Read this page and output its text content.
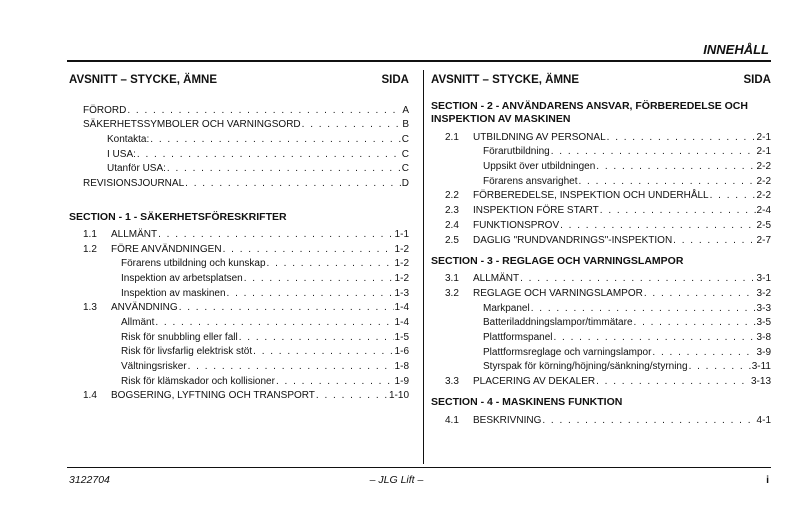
INNEHÅLL
AVSNITT – STYCKE, ÄMNE	SIDA
FÖRORD . . .	A
SÄKERHETSSYMBOLER OCH VARNINGSORD . . .	B
Kontakta: . . .	C
I USA: . . .	C
Utanför USA: . . .	C
REVISIONSJOURNAL . . .	D
SECTION - 1 - SÄKERHETSFÖRESKRIFTER
1.1	ALLMÄNT . . .	1-1
1.2	FÖRE ANVÄNDNINGEN . . .	1-2
Förarens utbildning och kunskap . . .	1-2
Inspektion av arbetsplatsen . . .	1-2
Inspektion av maskinen . . .	1-3
1.3	ANVÄNDNING . . .	1-4
Allmänt . . .	1-4
Risk för snubbling eller fall . . .	1-5
Risk för livsfarlig elektrisk stöt . . .	1-6
Vältningsrisker . . .	1-8
Risk för klämskador och kollisioner . . .	1-9
1.4	BOGSERING, LYFTNING OCH TRANSPORT . . .	1-10
AVSNITT – STYCKE, ÄMNE	SIDA
SECTION - 2 - ANVÄNDARENS ANSVAR, FÖRBEREDELSE OCH INSPEKTION AV MASKINEN
2.1	UTBILDNING AV PERSONAL . . .	2-1
Förarutbildning . . .	2-1
Uppsikt över utbildningen . . .	2-2
Förarens ansvarighet . . .	2-2
2.2	FÖRBEREDELSE, INSPEKTION OCH UNDERHÅLL . . .	2-2
2.3	INSPEKTION FÖRE START . . .	2-4
2.4	FUNKTIONSPROV . . .	2-5
2.5	DAGLIG "RUNDVANDRINGS"-INSPEKTION . . .	2-7
SECTION - 3 - REGLAGE OCH VARNINGSLAMPOR
3.1	ALLMÄNT . . .	3-1
3.2	REGLAGE OCH VARNINGSLAMPOR . . .	3-2
Markpanel . . .	3-3
Batteriladdningslampor/timmätare . . .	3-5
Plattformspanel . . .	3-8
Plattformsreglage och varningslampor . . .	3-9
Styrspak för körning/höjning/sänkning/styrning . . .	3-11
3.3	PLACERING AV DEKALER . . .	3-13
SECTION - 4 - MASKINENS FUNKTION
4.1	BESKRIVNING . . .	4-1
3122704	– JLG Lift –	i
